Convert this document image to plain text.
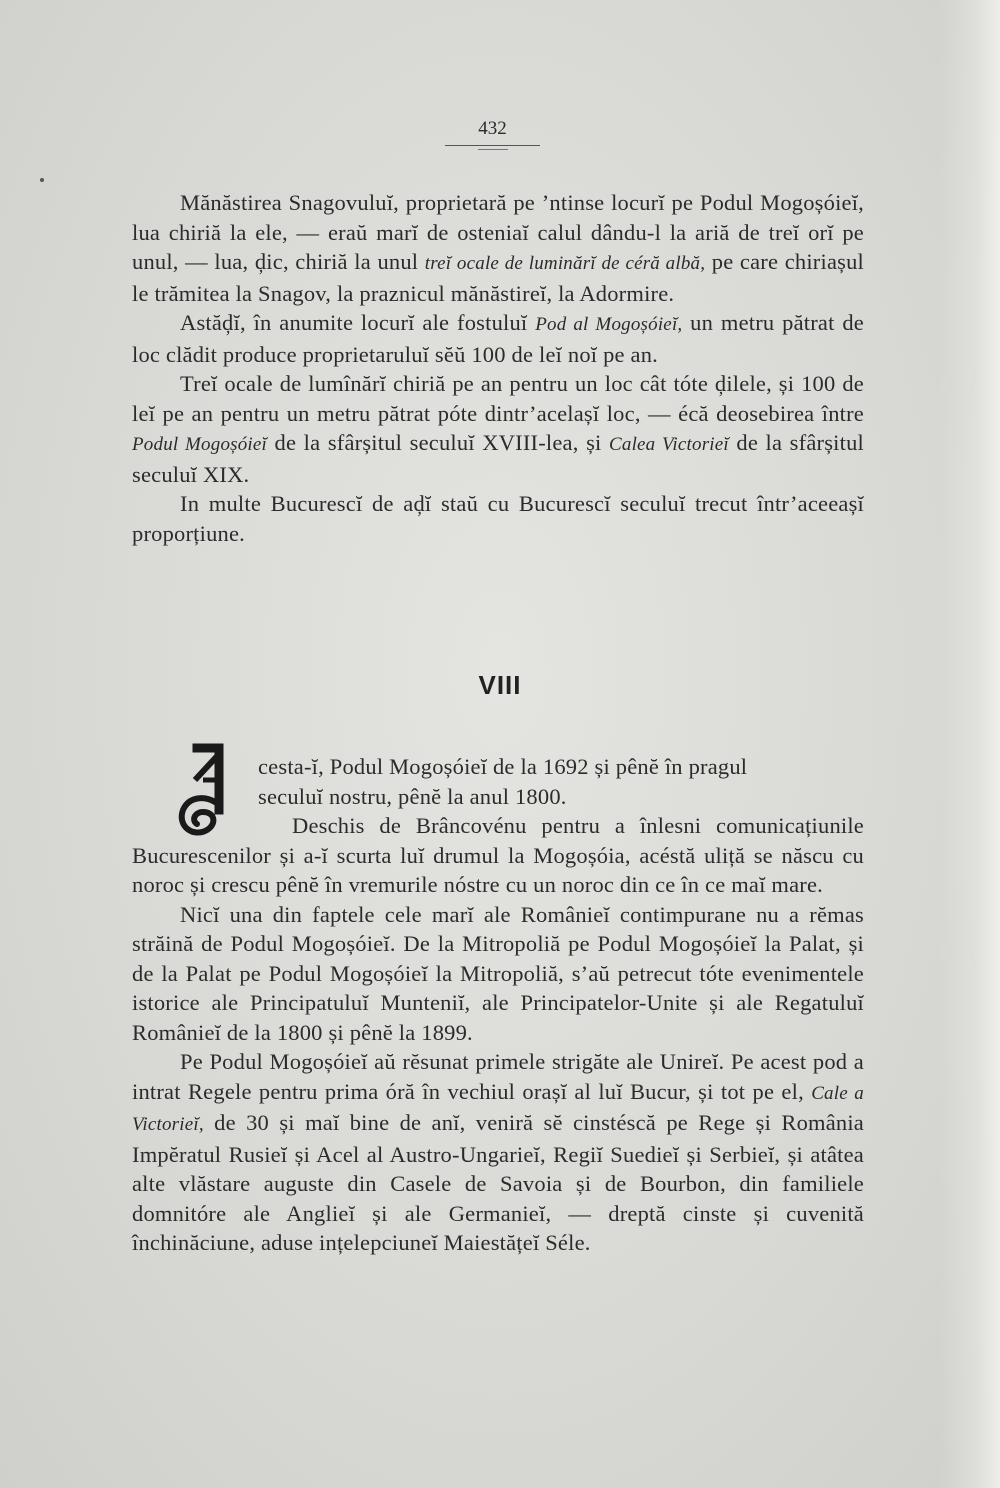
432

Mănăstirea Snagovuluĭ, proprietară pe ’ntinse locurĭ pe Podul Mogoșóieĭ, lua chiriă la ele, — eraŭ marĭ de osteniaĭ calul dându-l la ariă de treĭ orĭ pe unul, — lua, ḑic, chiriă la unul treĭ ocale de luminărĭ de céră albă, pe care chiriașul le trămitea la Snagov, la praznicul mănăstireĭ, la Adormire.

Astăḑĭ, în anumite locurĭ ale fostuluĭ Pod al Mogoșóieĭ, un metru pătrat de loc clădit produce proprietaruluĭ sĕŭ 100 de leĭ noĭ pe an.

Treĭ ocale de lumînărĭ chiriă pe an pentru un loc cât tóte ḑilele, și 100 de leĭ pe an pentru un metru pătrat póte dintr’acelașĭ loc, — écă deosebirea între Podul Mogoșóieĭ de la sfârșitul seculuĭ XVIII-lea, și Calea Victorieĭ de la sfârșitul seculuĭ XIX.

In multe Bucurescĭ de aḑĭ staŭ cu Bucurescĭ seculuĭ trecut într’aceeașĭ proporțiune.

VIII

cesta-ĭ, Podul Mogoșóieĭ de la 1692 și pênĕ în pragul
seculuĭ nostru, pênĕ la anul 1800.

Deschis de Brâncovénu pentru a înlesni comunicațiunile Bucurescenilor și a-ĭ scurta luĭ drumul la Mogoșóia, acéstă uliță se născu cu noroc și crescu pênĕ în vremurile nóstre cu un noroc din ce în ce maĭ mare.

Nicĭ una din faptele cele marĭ ale Românieĭ contimpurane nu a rĕmas străină de Podul Mogoșóieĭ. De la Mitropoliă pe Podul Mogoșóieĭ la Palat, și de la Palat pe Podul Mogoșóieĭ la Mitropoliă, s’aŭ petrecut tóte evenimentele istorice ale Principatuluĭ Munteniĭ, ale Principatelor-Unite și ale Regatuluĭ Românieĭ de la 1800 și pênĕ la 1899.

Pe Podul Mogoșóieĭ aŭ rĕsunat primele strigăte ale Unireĭ. Pe acest pod a intrat Regele pentru prima óră în vechiul orașĭ al luĭ Bucur, și tot pe el, Cale a Victorieĭ, de 30 și maĭ bine de anĭ, veniră sĕ cinstéscă pe Rege și România Impĕratul Rusieĭ și Acel al Austro-Ungarieĭ, Regiĭ Suedieĭ și Serbieĭ, și atâtea alte vlăstare auguste din Casele de Savoia și de Bourbon, din familiele domnitóre ale Anglieĭ și ale Germanieĭ, — dreptă cinste și cuvenită închinăciune, aduse ințelepciuneĭ Maiestățeĭ Séle.
